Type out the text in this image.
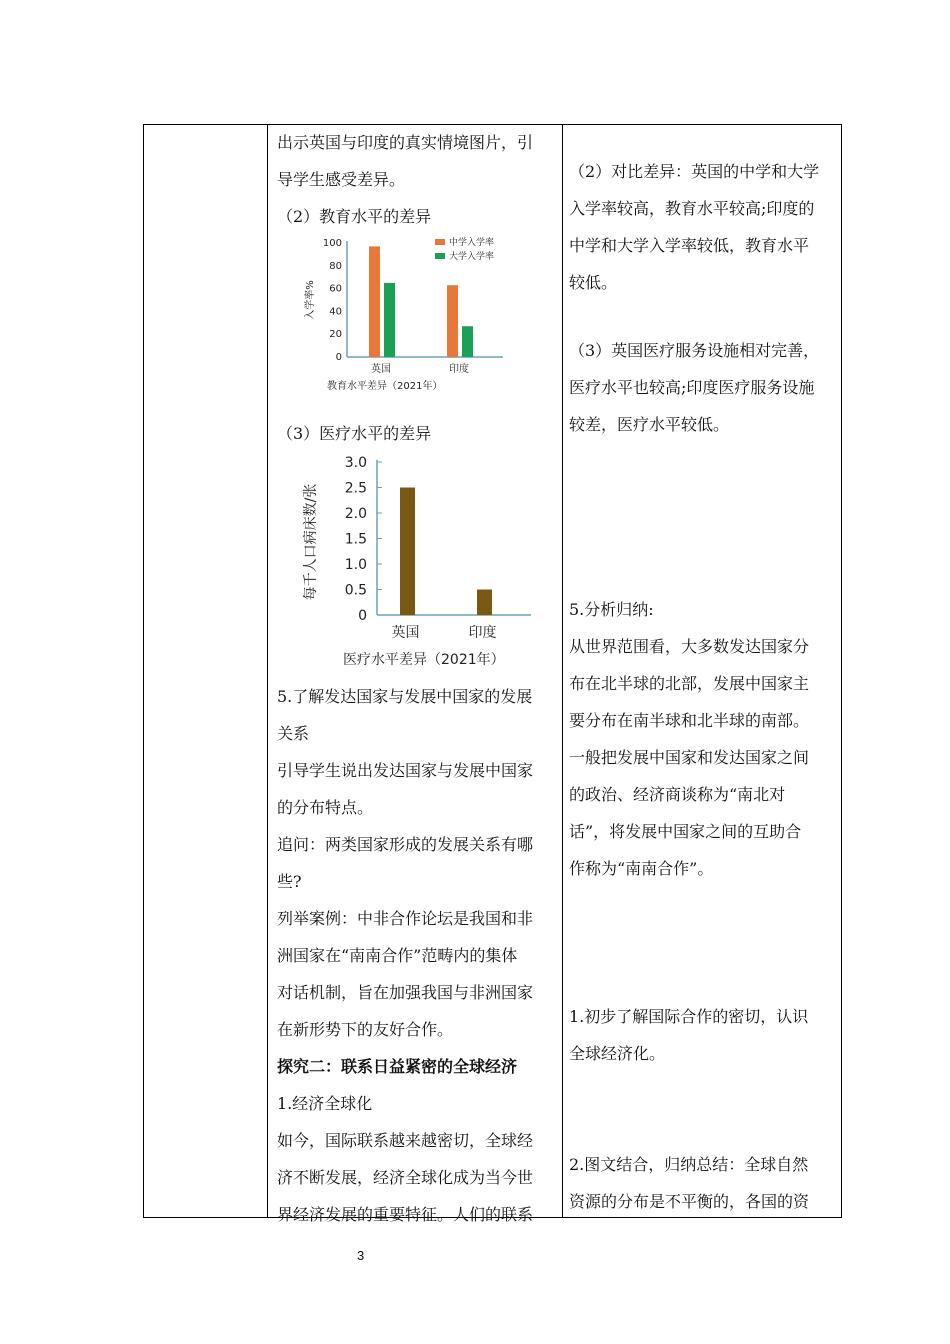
出示英国与印度的真实情境图片，引

导学生感受差异。

（2）教育水平的差异

0
20
40
60
80
100
入学率%
英国	印度
中学入学率
大学入学率
教育水平差异（2021年）

（3）医疗水平的差异

0
0.5
1.0
1.5
2.0
2.5
3.0
每千人口病床数/张
英国	印度
医疗水平差异（2021年）

5.了解发达国家与发展中国家的发展

关系

引导学生说出发达国家与发展中国家

的分布特点。

追问：两类国家形成的发展关系有哪

些?

列举案例：中非合作论坛是我国和非

洲国家在“南南合作”范畴内的集体

对话机制，旨在加强我国与非洲国家

在新形势下的友好合作。

探究二：联系日益紧密的全球经济

1.经济全球化

如今，国际联系越来越密切，全球经

济不断发展，经济全球化成为当今世

界经济发展的重要特征。人们的联系

（2）对比差异：英国的中学和大学

入学率较高，教育水平较高;印度的

中学和大学入学率较低，教育水平

较低。

（3）英国医疗服务设施相对完善，

医疗水平也较高;印度医疗服务设施

较差，医疗水平较低。

5.分析归纳:

从世界范围看，大多数发达国家分

布在北半球的北部，发展中国家主

要分布在南半球和北半球的南部。

一般把发展中国家和发达国家之间

的政治、经济商谈称为“南北对

话”，将发展中国家之间的互助合

作称为“南南合作”。

1.初步了解国际合作的密切，认识

全球经济化。

2.图文结合，归纳总结：全球自然

资源的分布是不平衡的，各国的资

3
